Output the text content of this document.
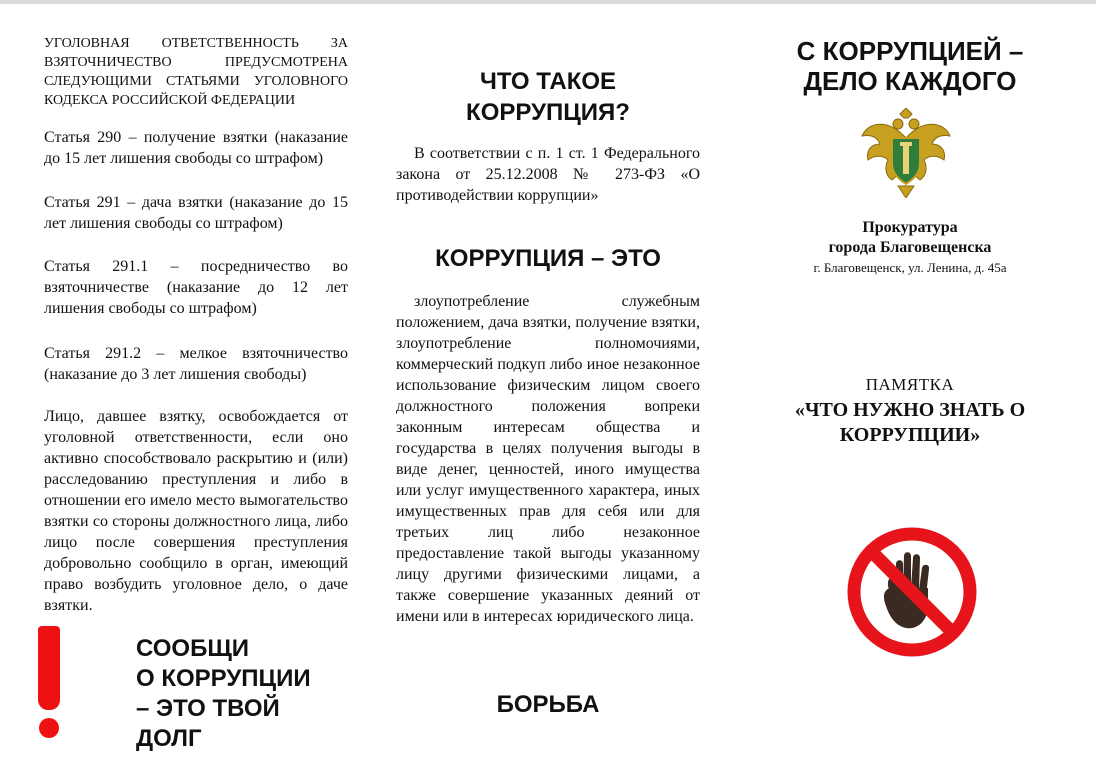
УГОЛОВНАЯ ОТВЕТСТВЕННОСТЬ ЗА ВЗЯТОЧНИЧЕСТВО ПРЕДУСМОТРЕНА СЛЕДУЮЩИМИ СТАТЬЯМИ УГОЛОВНОГО КОДЕКСА РОССИЙСКОЙ ФЕДЕРАЦИИ

Статья 290 – получение взятки (наказание до 15 лет лишения свободы со штрафом)

Статья 291 – дача взятки (наказание до 15 лет лишения свободы со штрафом)

Статья 291.1 – посредничество во взяточничестве (наказание до 12 лет лишения свободы со штрафом)

Статья 291.2 – мелкое взяточничество (наказание до 3 лет лишения свободы)

Лицо, давшее взятку, освобождается от уголовной ответственности, если оно активно способствовало раскрытию и (или) расследованию преступления и либо в отношении его имело место вымогательство взятки со стороны должностного лица, либо лицо после совершения преступления добровольно сообщило в орган, имеющий право возбудить уголовное дело, о даче взятки.

СООБЩИ
О КОРРУПЦИИ
– ЭТО ТВОЙ
ДОЛГ
ЧТО ТАКОЕ
КОРРУПЦИЯ?

В соответствии с п. 1 ст. 1 Федерального закона от 25.12.2008 № 273-ФЗ «О противодействии коррупции»

КОРРУПЦИЯ – ЭТО

злоупотребление служебным положением, дача взятки, получение взятки, злоупотребление полномочиями, коммерческий подкуп либо иное незаконное использование физическим лицом своего должностного положения вопреки законным интересам общества и государства в целях получения выгоды в виде денег, ценностей, иного имущества или услуг имущественного характера, иных имущественных прав для себя или для третьих лиц либо незаконное предоставление такой выгоды указанному лицу другими физическими лицами, а также совершение указанных деяний от имени или в интересах юридического лица.

БОРЬБА
С КОРРУПЦИЕЙ –
ДЕЛО КАЖДОГО
Прокуратура
города Благовещенска
г. Благовещенск, ул. Ленина, д. 45а
ПАМЯТКА
«ЧТО НУЖНО ЗНАТЬ О
КОРРУПЦИИ»
